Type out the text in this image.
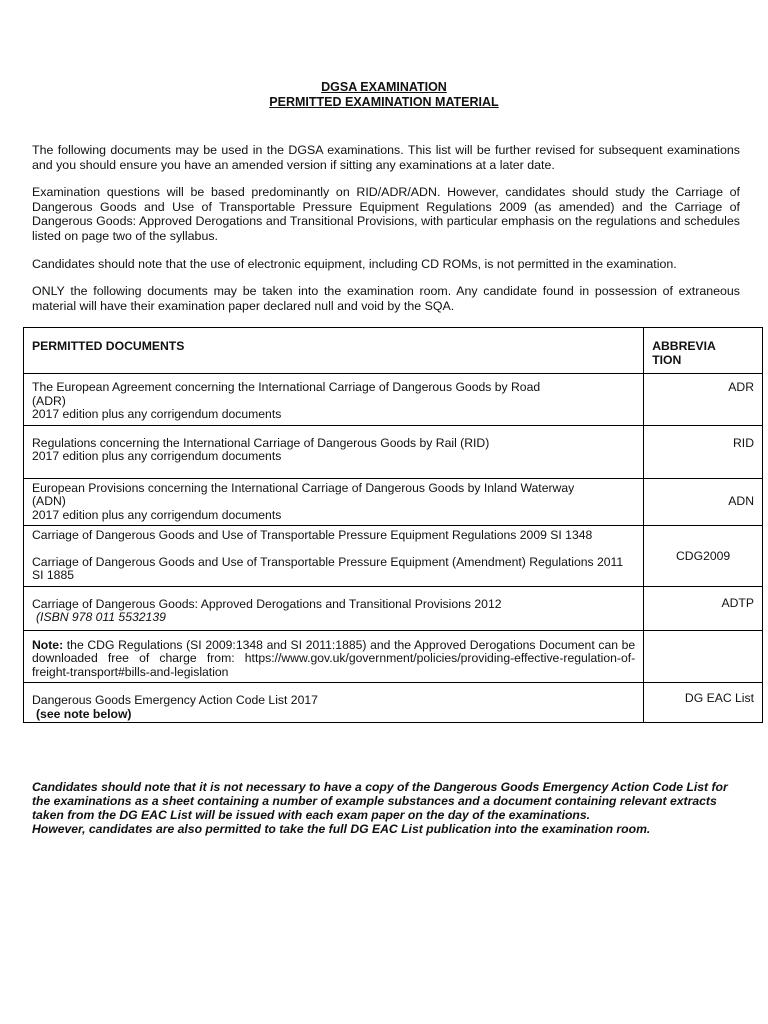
DGSA EXAMINATION
PERMITTED EXAMINATION MATERIAL

The following documents may be used in the DGSA examinations. This list will be further revised for subsequent examinations and you should ensure you have an amended version if sitting any examinations at a later date.

Examination questions will be based predominantly on RID/ADR/ADN. However, candidates should study the Carriage of Dangerous Goods and Use of Transportable Pressure Equipment Regulations 2009 (as amended) and the Carriage of Dangerous Goods: Approved Derogations and Transitional Provisions, with particular emphasis on the regulations and schedules listed on page two of the syllabus.

Candidates should note that the use of electronic equipment, including CD ROMs, is not permitted in the examination.

ONLY the following documents may be taken into the examination room. Any candidate found in possession of extraneous material will have their examination paper declared null and void by the SQA.

PERMITTED DOCUMENTS	ABBREVIA
TION

The European Agreement concerning the International Carriage of Dangerous Goods by Road
(ADR)
2017 edition plus any corrigendum documents	ADR

Regulations concerning the International Carriage of Dangerous Goods by Rail (RID)
2017 edition plus any corrigendum documents	RID

European Provisions concerning the International Carriage of Dangerous Goods by Inland Waterway
(ADN)
2017 edition plus any corrigendum documents	ADN

Carriage of Dangerous Goods and Use of Transportable Pressure Equipment Regulations 2009 SI 1348
Carriage of Dangerous Goods and Use of Transportable Pressure Equipment (Amendment) Regulations 2011 SI 1885	CDG2009

Carriage of Dangerous Goods: Approved Derogations and Transitional Provisions 2012
(ISBN 978 011 5532139	ADTP
Note: the CDG Regulations (SI 2009:1348 and SI 2011:1885) and the Approved Derogations Document can be downloaded free of charge from: https://www.gov.uk/government/policies/providing-effective-regulation-of-freight-transport#bills-and-legislation	

Dangerous Goods Emergency Action Code List 2017
(see note below)	DG EAC List
Candidates should note that it is not necessary to have a copy of the Dangerous Goods Emergency Action Code List for the examinations as a sheet containing a number of example substances and a document containing relevant extracts taken from the DG EAC List will be issued with each exam paper on the day of the examinations.
However, candidates are also permitted to take the full DG EAC List publication into the examination room.
